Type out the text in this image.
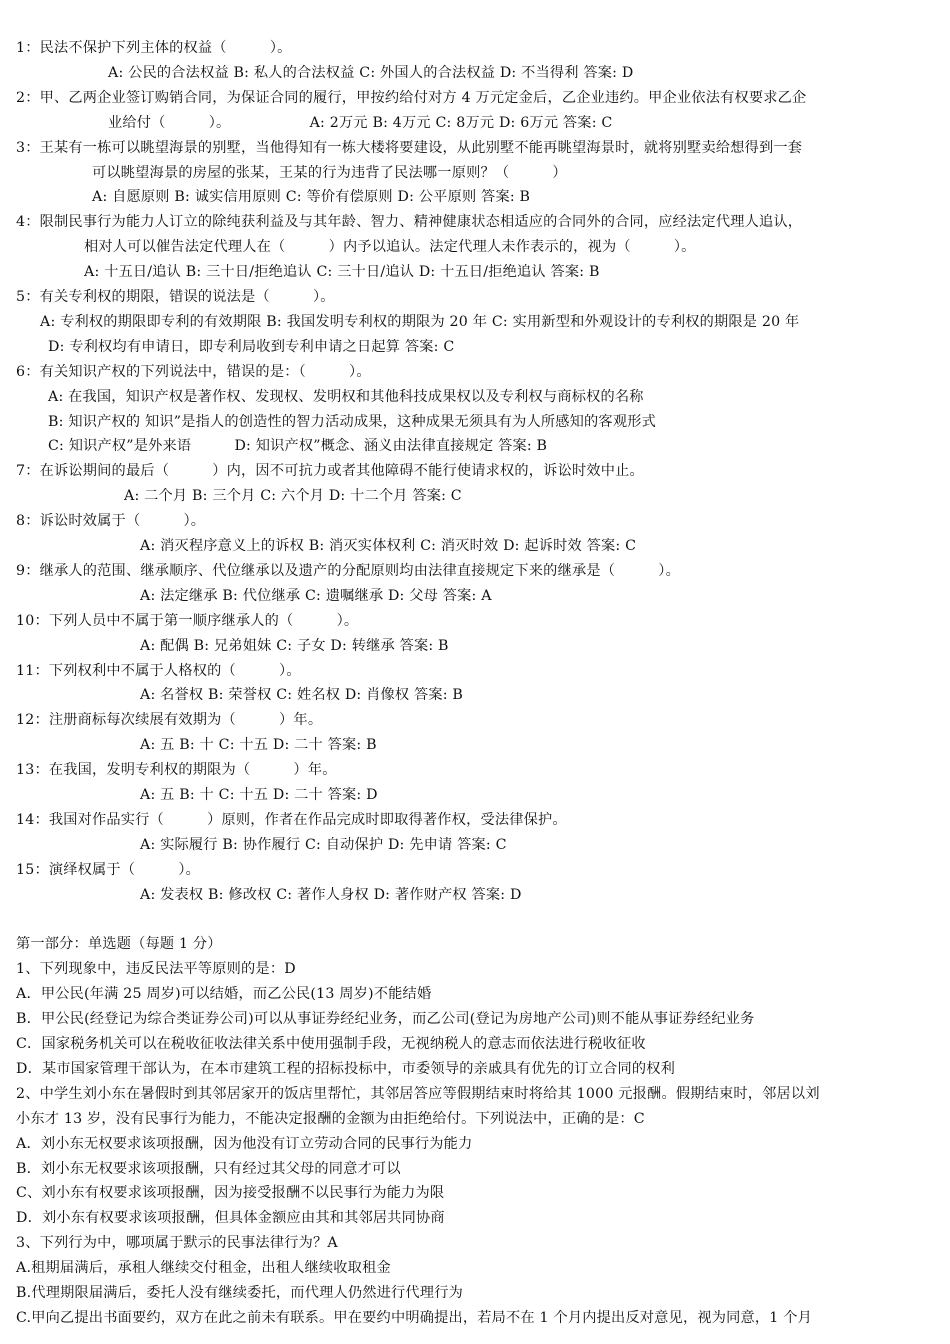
1：民法不保护下列主体的权益（　　　）。
A: 公民的合法权益 B: 私人的合法权益 C: 外国人的合法权益 D: 不当得利 答案: D
2：甲、乙两企业签订购销合同，为保证合同的履行，甲按约给付对方 4 万元定金后，乙企业违约。甲企业依法有权要求乙企
业给付（　　　）。　　　　　　A: 2万元 B: 4万元 C: 8万元 D: 6万元 答案: C
3：王某有一栋可以眺望海景的别墅，当他得知有一栋大楼将要建设，从此别墅不能再眺望海景时，就将别墅卖给想得到一套
可以眺望海景的房屋的张某，王某的行为违背了民法哪一原则？（　　　）
A: 自愿原则 B: 诚实信用原则 C: 等价有偿原则 D: 公平原则 答案: B
4：限制民事行为能力人订立的除纯获利益及与其年龄、智力、精神健康状态相适应的合同外的合同，应经法定代理人追认，
相对人可以催告法定代理人在（　　　）内予以追认。法定代理人未作表示的，视为（　　　）。
A: 十五日/追认 B: 三十日/拒绝追认 C: 三十日/追认 D: 十五日/拒绝追认 答案: B
5：有关专利权的期限，错误的说法是（　　　）。
A: 专利权的期限即专利的有效期限 B: 我国发明专利权的期限为 20 年 C: 实用新型和外观设计的专利权的期限是 20 年
D: 专利权均有申请日，即专利局收到专利申请之日起算 答案: C
6：有关知识产权的下列说法中，错误的是：（　　　）。
A: 在我国，知识产权是著作权、发现权、发明权和其他科技成果权以及专利权与商标权的名称
B: 知识产权的 知识”是指人的创造性的智力活动成果，这种成果无须具有为人所感知的客观形式
C: 知识产权”是外来语　　　D: 知识产权”概念、涵义由法律直接规定 答案: B
7：在诉讼期间的最后（　　　）内，因不可抗力或者其他障碍不能行使请求权的，诉讼时效中止。
A: 二个月 B: 三个月 C: 六个月 D: 十二个月 答案: C
8：诉讼时效属于（　　　）。
A: 消灭程序意义上的诉权 B: 消灭实体权利 C: 消灭时效 D: 起诉时效 答案: C
9：继承人的范围、继承顺序、代位继承以及遗产的分配原则均由法律直接规定下来的继承是（　　　）。
A: 法定继承 B: 代位继承 C: 遗嘱继承 D: 父母 答案: A
10：下列人员中不属于第一顺序继承人的（　　　）。
A: 配偶 B: 兄弟姐妹 C: 子女 D: 转继承 答案: B
11：下列权利中不属于人格权的（　　　）。
A: 名誉权 B: 荣誉权 C: 姓名权 D: 肖像权 答案: B
12：注册商标每次续展有效期为（　　　）年。
A: 五 B: 十 C: 十五 D: 二十 答案: B
13：在我国，发明专利权的期限为（　　　）年。
A: 五 B: 十 C: 十五 D: 二十 答案: D
14：我国对作品实行（　　　）原则，作者在作品完成时即取得著作权，受法律保护。
A: 实际履行 B: 协作履行 C: 自动保护 D: 先申请 答案: C
15：演绎权属于（　　　）。
A: 发表权 B: 修改权 C: 著作人身权 D: 著作财产权 答案: D
第一部分：单选题（每题 1 分）
1、下列现象中，违反民法平等原则的是：D
A．甲公民(年满 25 周岁)可以结婚，而乙公民(13 周岁)不能结婚
B．甲公民(经登记为综合类证券公司)可以从事证券经纪业务，而乙公司(登记为房地产公司)则不能从事证券经纪业务
C．国家税务机关可以在税收征收法律关系中使用强制手段，无视纳税人的意志而依法进行税收征收
D．某市国家管理干部认为，在本市建筑工程的招标投标中，市委领导的亲戚具有优先的订立合同的权利
2、中学生刘小东在暑假时到其邻居家开的饭店里帮忙，其邻居答应等假期结束时将给其 1000 元报酬。假期结束时，邻居以刘
小东才 13 岁，没有民事行为能力，不能决定报酬的金额为由拒绝给付。下列说法中，正确的是：C
A．刘小东无权要求该项报酬，因为他没有订立劳动合同的民事行为能力
B．刘小东无权要求该项报酬，只有经过其父母的同意才可以
C、刘小东有权要求该项报酬，因为接受报酬不以民事行为能力为限
D．刘小东有权要求该项报酬，但具体金额应由其和其邻居共同协商
3、下列行为中，哪项属于默示的民事法律行为？A
A.租期届满后，承租人继续交付租金，出租人继续收取租金
B.代理期限届满后，委托人没有继续委托，而代理人仍然进行代理行为
C.甲向乙提出书面要约，双方在此之前未有联系。甲在要约中明确提出，若局不在 1 个月内提出反对意见，视为同意，1 个月
